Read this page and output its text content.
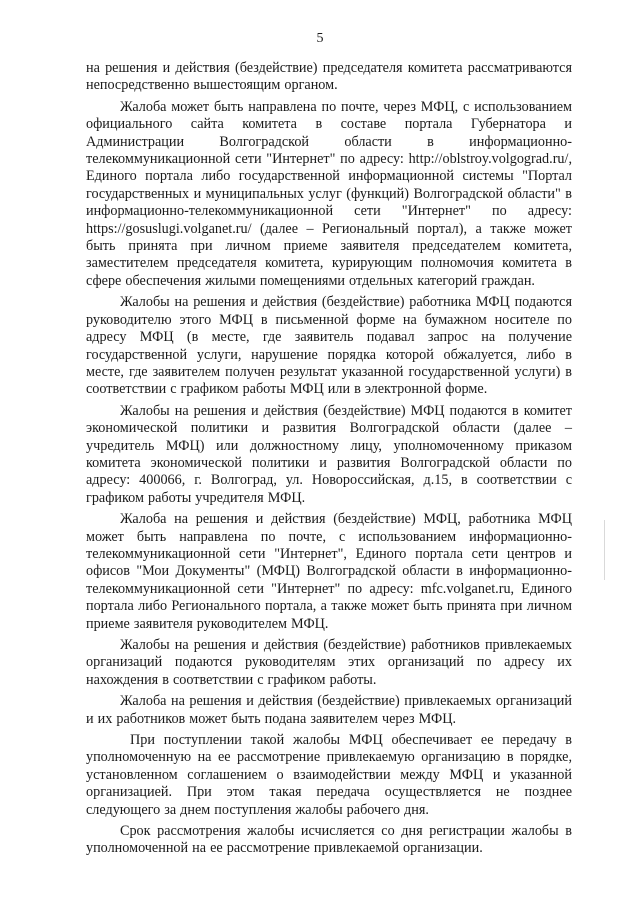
5

на решения и действия (бездействие) председателя комитета рассматриваются непосредственно вышестоящим органом.

Жалоба может быть направлена по почте, через МФЦ, с использованием официального сайта комитета в составе портала Губернатора и Администрации Волгоградской области в информационно-телекоммуникационной сети "Интернет" по адресу: http://oblstroy.volgograd.ru/, Единого портала либо государственной информационной системы "Портал государственных и муниципальных услуг (функций) Волгоградской области" в информационно-телекоммуникационной сети "Интернет" по адресу: https://gosuslugi.volganet.ru/ (далее – Региональный портал), а также может быть принята при личном приеме заявителя председателем комитета, заместителем председателя комитета, курирующим полномочия комитета в сфере обеспечения жилыми помещениями отдельных категорий граждан.

Жалобы на решения и действия (бездействие) работника МФЦ подаются руководителю этого МФЦ в письменной форме на бумажном носителе по адресу МФЦ (в месте, где заявитель подавал запрос на получение государственной услуги, нарушение порядка которой обжалуется, либо в месте, где заявителем получен результат указанной государственной услуги) в соответствии с графиком работы МФЦ или в электронной форме.

Жалобы на решения и действия (бездействие) МФЦ подаются в комитет экономической политики и развития Волгоградской области (далее – учредитель МФЦ) или должностному лицу, уполномоченному приказом комитета экономической политики и развития Волгоградской области по адресу: 400066, г. Волгоград, ул. Новороссийская, д.15, в соответствии с графиком работы учредителя МФЦ.

Жалоба на решения и действия (бездействие) МФЦ, работника МФЦ может быть направлена по почте, с использованием информационно-телекоммуникационной сети "Интернет", Единого портала сети центров и офисов "Мои Документы" (МФЦ) Волгоградской области в информационно-телекоммуникационной сети "Интернет" по адресу: mfc.volganet.ru, Единого портала либо Регионального портала, а также может быть принята при личном приеме заявителя руководителем МФЦ.

Жалобы на решения и действия (бездействие) работников привлекаемых организаций подаются руководителям этих организаций по адресу их нахождения в соответствии с графиком работы.

Жалоба на решения и действия (бездействие) привлекаемых организаций и их работников может быть подана заявителем через МФЦ.

При поступлении такой жалобы МФЦ обеспечивает ее передачу в уполномоченную на ее рассмотрение привлекаемую организацию в порядке, установленном соглашением о взаимодействии между МФЦ и указанной организацией. При этом такая передача осуществляется не позднее следующего за днем поступления жалобы рабочего дня.

Срок рассмотрения жалобы исчисляется со дня регистрации жалобы в уполномоченной на ее рассмотрение привлекаемой организации.
